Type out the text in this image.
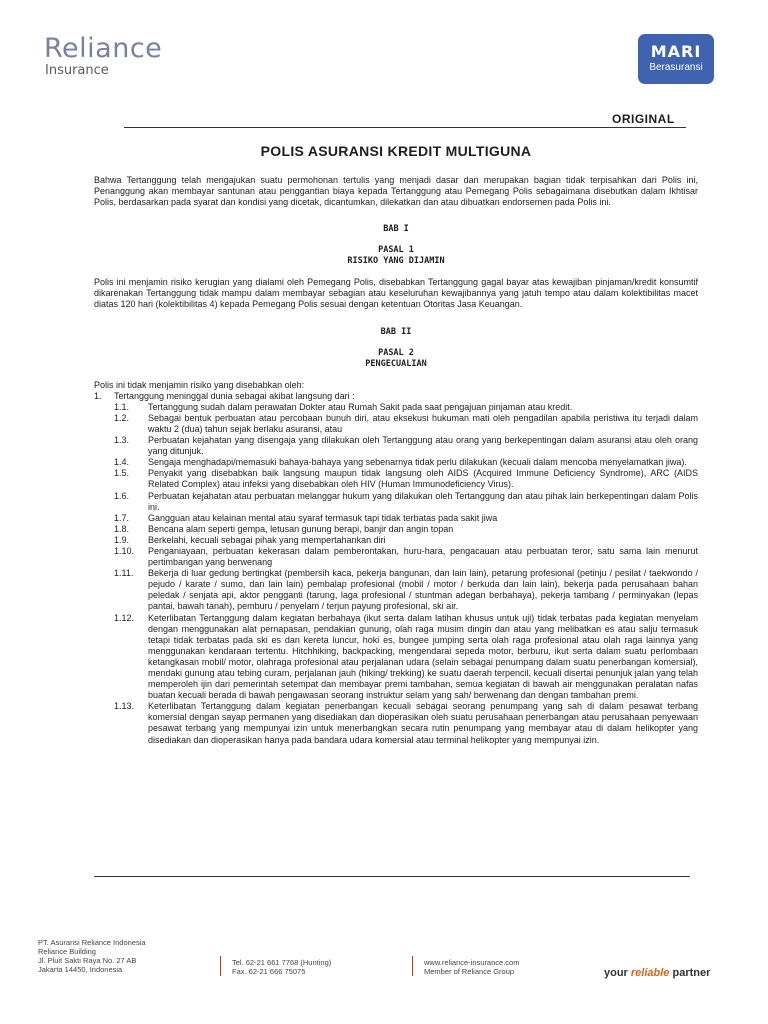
Reliance
Insurance
MARI
Berasuransi
ORIGINAL
POLIS ASURANSI KREDIT MULTIGUNA

Bahwa Tertanggung telah mengajukan suatu permohonan tertulis yang menjadi dasar dan merupakan bagian tidak terpisahkan dari Polis ini, Penanggung akan membayar santunan atau penggantian biaya kepada Tertanggung atau Pemegang Polis sebagaimana disebutkan dalam Ikhtisar Polis, berdasarkan pada syarat dan kondisi yang dicetak, dicantumkan, dilekatkan dan atau dibuatkan endorsemen pada Polis ini.

BAB I
PASAL 1
RISIKO YANG DIJAMIN

Polis ini menjamin risiko kerugian yang dialami oleh Pemegang Polis, disebabkan Tertanggung gagal bayar atas kewajiban pinjaman/kredit konsumtif dikarenakan Tertanggung tidak mampu dalam membayar sebagian atau keseluruhan kewajibannya yang jatuh tempo atau dalam kolektibilitas macet diatas 120 hari (kolektibilitas 4) kepada Pemegang Polis sesuai dengan ketentuan Otoritas Jasa Keuangan.

BAB II
PASAL 2
PENGECUALIAN

Polis ini tidak menjamin risiko yang disebabkan oleh:

1.	Tertanggung meninggal dunia sebagai akibat langsung dari :
1.1.	Tertanggung sudah dalam perawatan Dokter atau Rumah Sakit pada saat pengajuan pinjaman atau kredit.
1.2.	Sebagai bentuk perbuatan atau percobaan bunuh diri, atau eksekusi hukuman mati oleh pengadilan apabila peristiwa itu terjadi dalam waktu 2 (dua) tahun sejak berlaku asuransi, atau
1.3.	Perbuatan kejahatan yang disengaja yang dilakukan oleh Tertanggung atau orang yang berkepentingan dalam asuransi atau oleh orang yang ditunjuk.
1.4.	Sengaja menghadapi/memasuki bahaya-bahaya yang sebenarnya tidak perlu dilakukan (kecuali dalam mencoba menyelamatkan jiwa).
1.5.	Penyakit yang disebabkan baik langsung maupun tidak langsung oleh AIDS (Acquired Immune Deficiency Syndrome), ARC (AIDS Related Complex) atau infeksi yang disebabkan oleh HIV (Human Immunodeficiency Virus).
1.6.	Perbuatan kejahatan atau perbuatan melanggar hukum yang dilakukan oleh Tertanggung dan atau pihak lain berkepentingan dalam Polis ini.
1.7.	Gangguan atau kelainan mental atau syaraf termasuk tapi tidak terbatas pada sakit jiwa
1.8.	Bencana alam seperti gempa, letusan gunung berapi, banjir dan angin topan
1.9.	Berkelahi, kecuali sebagai pihak yang mempertahankan diri
1.10.	Penganiayaan, perbuatan kekerasan dalam pemberontakan, huru-hara, pengacauan atau perbuatan teror, satu sama lain menurut pertimbangan yang berwenang
1.11.	Bekerja di luar gedung bertingkat (pembersih kaca, pekerja bangunan, dan lain lain), petarung profesional (petinju / pesilat / taekwondo / pejudo / karate / sumo, dan lain lain) pembalap profesional (mobil / motor / berkuda dan lain lain), bekerja pada perusahaan bahan peledak / senjata api, aktor pengganti (tarung, laga profesional / stuntman adegan berbahaya), pekerja tambang / perminyakan (lepas pantai, bawah tanah), pemburu / penyelam / terjun payung profesional, ski air.
1.12.	Keterlibatan Tertanggung dalam kegiatan berbahaya (ikut serta dalam latihan khusus untuk uji) tidak terbatas pada kegiatan menyelam dengan menggunakan alat pernapasan, pendakian gunung, olah raga musim dingin dan atau yang melibatkan es atau salju termasuk tetapi tidak terbatas pada ski es dan kereta luncur, hoki es, bungee jumping serta olah raga profesional atau olah raga lainnya yang menggunakan kendaraan tertentu. Hitchhiking, backpacking, mengendarai sepeda motor, berburu, ikut serta dalam suatu perlombaan ketangkasan mobil/ motor, olahraga profesional atau perjalanan udara (selain sebagai penumpang dalam suatu penerbangan komersial), mendaki gunung atau tebing curam, perjalanan jauh (hiking/ trekking) ke suatu daerah terpencil, kecuali disertai penunjuk jalan yang telah memperoleh ijin dari pemerintah setempat dan membayar premi tambahan, semua kegiatan di bawah air menggunakan peralatan nafas buatan kecuali berada di bawah pengawasan seorang instruktur selam yang sah/ berwenang dan dengan tambahan premi.
1.13.	Keterlibatan Tertanggung dalam kegiatan penerbangan kecuali sebagai seorang penumpang yang sah di dalam pesawat terbang komersial dengan sayap permanen yang disediakan dan dioperasikan oleh suatu perusahaan penerbangan atau perusahaan penyewaan pesawat terbang yang mempunyai izin untuk menerbangkan secara rutin penumpang yang membayar atau di dalam helikopter yang disediakan dan dioperasikan hanya pada bandara udara komersial atau terminal helikopter yang mempunyai izin.
PT. Asuransi Reliance Indonesia
Reliance Building
Jl. Pluit Sakti Raya No. 27 AB
Jakarta 14450, Indonesia
Tel. 62-21 661 7768 (Hunting)
Fax. 62-21 666 75075
www.reliance-insurance.com
Member of Reliance Group	your reliable partner
